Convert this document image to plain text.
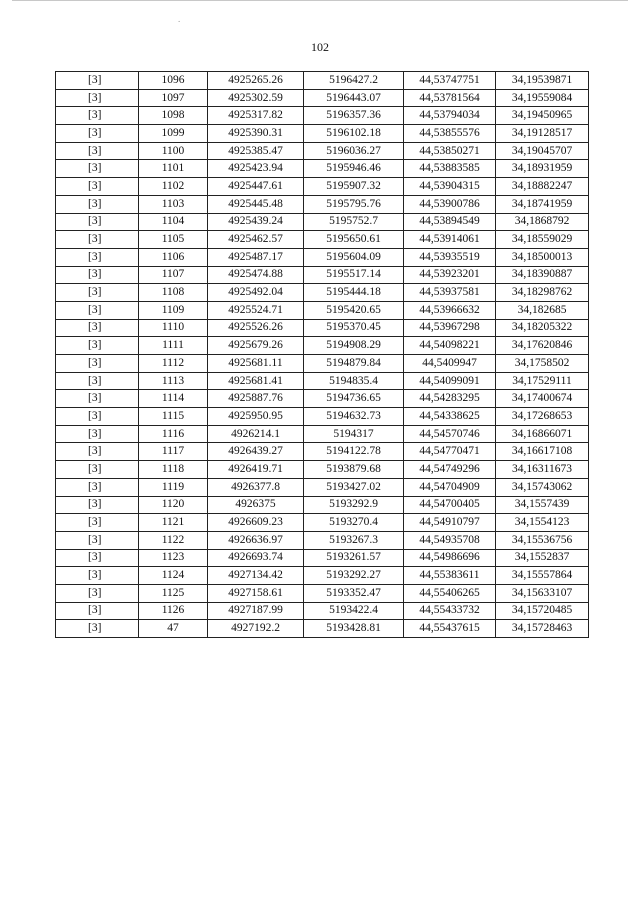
.
102
[3]	1096	4925265.26	5196427.2	44,53747751	34,19539871
[3]	1097	4925302.59	5196443.07	44,53781564	34,19559084
[3]	1098	4925317.82	5196357.36	44,53794034	34,19450965
[3]	1099	4925390.31	5196102.18	44,53855576	34,19128517
[3]	1100	4925385.47	5196036.27	44,53850271	34,19045707
[3]	1101	4925423.94	5195946.46	44,53883585	34,18931959
[3]	1102	4925447.61	5195907.32	44,53904315	34,18882247
[3]	1103	4925445.48	5195795.76	44,53900786	34,18741959
[3]	1104	4925439.24	5195752.7	44,53894549	34,1868792
[3]	1105	4925462.57	5195650.61	44,53914061	34,18559029
[3]	1106	4925487.17	5195604.09	44,53935519	34,18500013
[3]	1107	4925474.88	5195517.14	44,53923201	34,18390887
[3]	1108	4925492.04	5195444.18	44,53937581	34,18298762
[3]	1109	4925524.71	5195420.65	44,53966632	34,182685
[3]	1110	4925526.26	5195370.45	44,53967298	34,18205322
[3]	1111	4925679.26	5194908.29	44,54098221	34,17620846
[3]	1112	4925681.11	5194879.84	44,5409947	34,1758502
[3]	1113	4925681.41	5194835.4	44,54099091	34,17529111
[3]	1114	4925887.76	5194736.65	44,54283295	34,17400674
[3]	1115	4925950.95	5194632.73	44,54338625	34,17268653
[3]	1116	4926214.1	5194317	44,54570746	34,16866071
[3]	1117	4926439.27	5194122.78	44,54770471	34,16617108
[3]	1118	4926419.71	5193879.68	44,54749296	34,16311673
[3]	1119	4926377.8	5193427.02	44,54704909	34,15743062
[3]	1120	4926375	5193292.9	44,54700405	34,1557439
[3]	1121	4926609.23	5193270.4	44,54910797	34,1554123
[3]	1122	4926636.97	5193267.3	44,54935708	34,15536756
[3]	1123	4926693.74	5193261.57	44,54986696	34,1552837
[3]	1124	4927134.42	5193292.27	44,55383611	34,15557864
[3]	1125	4927158.61	5193352.47	44,55406265	34,15633107
[3]	1126	4927187.99	5193422.4	44,55433732	34,15720485
[3]	47	4927192.2	5193428.81	44,55437615	34,15728463
